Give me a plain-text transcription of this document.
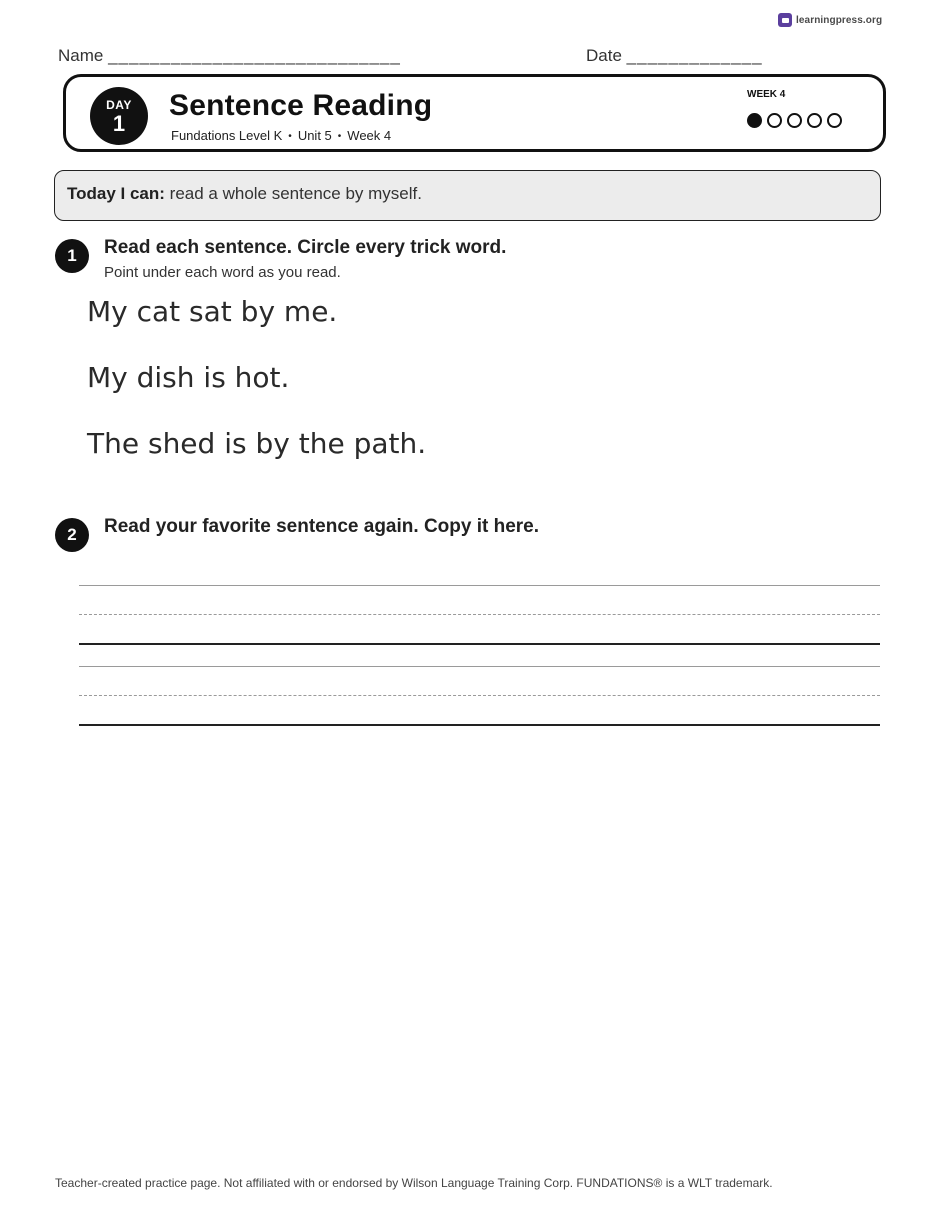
learningpress.org
Name ____________________________	Date _____________
DAY
1
Sentence Reading
Fundations Level K • Unit 5 • Week 4
WEEK 4
Today I can: read a whole sentence by myself.
1	Read each sentence. Circle every trick word.
Point under each word as you read.
My cat sat by me.
My dish is hot.
The shed is by the path.
2	Read your favorite sentence again. Copy it here.
Teacher-created practice page. Not affiliated with or endorsed by Wilson Language Training Corp. FUNDATIONS® is a WLT trademark.
